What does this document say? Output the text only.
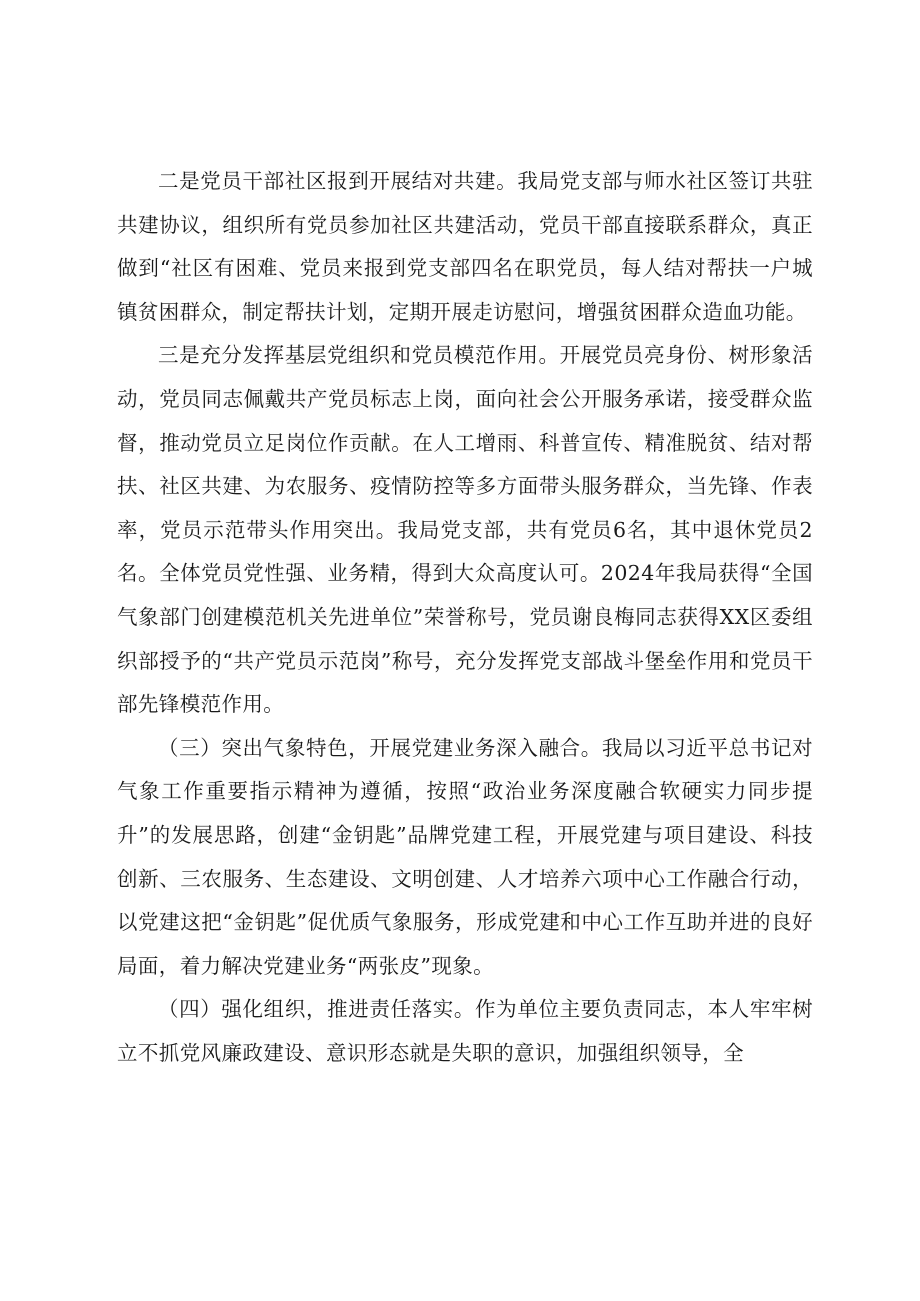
二是党员干部社区报到开展结对共建。我局党支部与师水社区签订共驻共建协议，组织所有党员参加社区共建活动，党员干部直接联系群众，真正做到“社区有困难、党员来报到党支部四名在职党员，每人结对帮扶一户城镇贫困群众，制定帮扶计划，定期开展走访慰问，增强贫困群众造血功能。

三是充分发挥基层党组织和党员模范作用。开展党员亮身份、树形象活动，党员同志佩戴共产党员标志上岗，面向社会公开服务承诺，接受群众监督，推动党员立足岗位作贡献。在人工增雨、科普宣传、精准脱贫、结对帮扶、社区共建、为农服务、疫情防控等多方面带头服务群众，当先锋、作表率，党员示范带头作用突出。我局党支部，共有党员6名，其中退休党员2名。全体党员党性强、业务精，得到大众高度认可。2024年我局获得“全国气象部门创建模范机关先进单位”荣誉称号，党员谢良梅同志获得XX区委组织部授予的“共产党员示范岗”称号，充分发挥党支部战斗堡垒作用和党员干部先锋模范作用。

（三）突出气象特色，开展党建业务深入融合。我局以习近平总书记对气象工作重要指示精神为遵循，按照“政治业务深度融合软硬实力同步提升”的发展思路，创建“金钥匙”品牌党建工程，开展党建与项目建设、科技创新、三农服务、生态建设、文明创建、人才培养六项中心工作融合行动，以党建这把“金钥匙”促优质气象服务，形成党建和中心工作互助并进的良好局面，着力解决党建业务“两张皮”现象。

（四）强化组织，推进责任落实。作为单位主要负责同志，本人牢牢树立不抓党风廉政建设、意识形态就是失职的意识，加强组织领导，全
